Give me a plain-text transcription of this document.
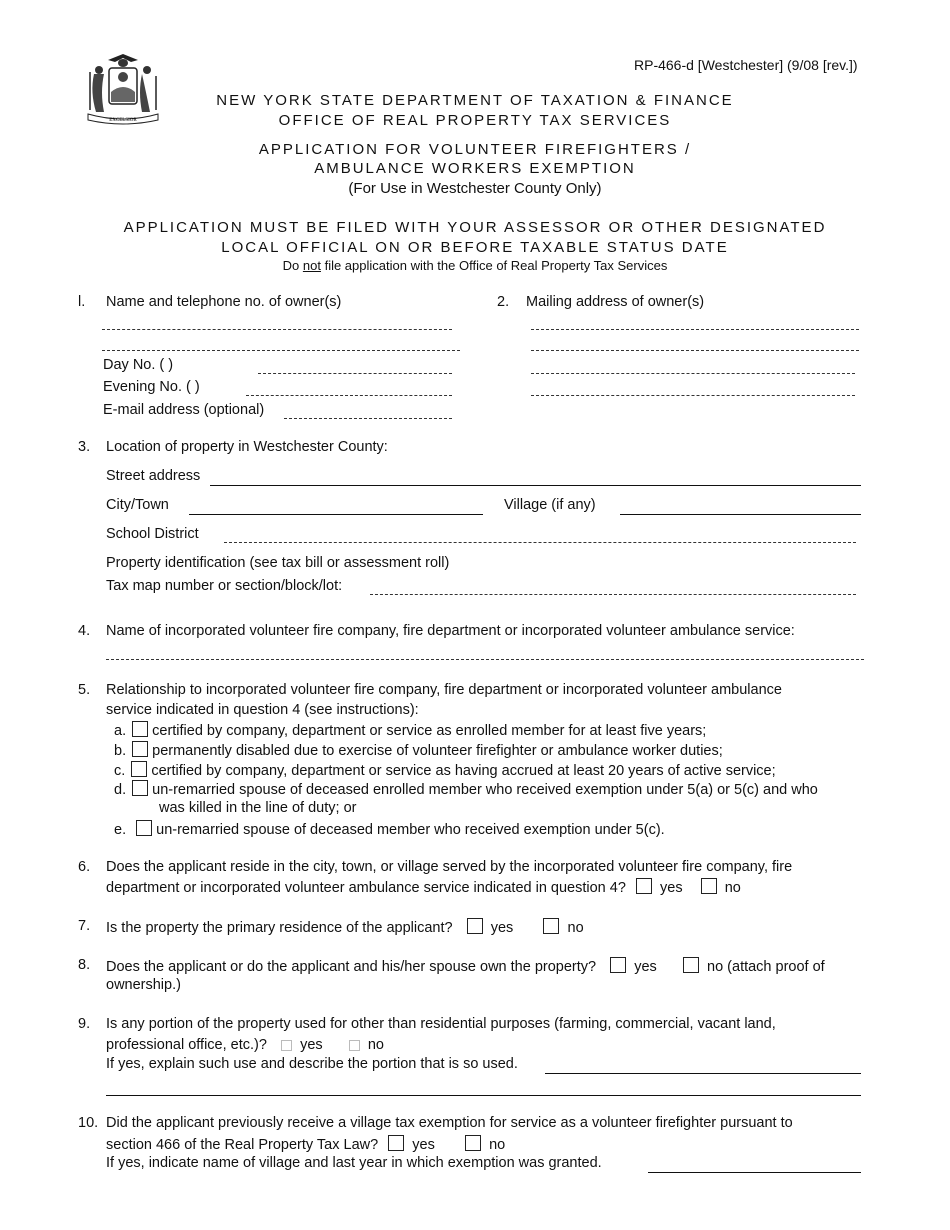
EXCELSIOR
RP-466-d [Westchester] (9/08 [rev.])
NEW YORK STATE DEPARTMENT OF TAXATION & FINANCE
OFFICE OF REAL PROPERTY TAX SERVICES
APPLICATION FOR VOLUNTEER FIREFIGHTERS /
AMBULANCE WORKERS EXEMPTION
(For Use in Westchester County Only)
APPLICATION MUST BE FILED WITH YOUR ASSESSOR OR OTHER DESIGNATED
LOCAL OFFICIAL ON OR BEFORE TAXABLE STATUS DATE
Do not file application with the Office of Real Property Tax Services
l. Name and telephone no. of owner(s)
Day No. ( )
Evening No. ( )
E-mail address (optional)
2. Mailing address of owner(s)
3. Location of property in Westchester County:
Street address
City/Town	Village (if any)
School District
Property identification (see tax bill or assessment roll)
Tax map number or section/block/lot:
4. Name of incorporated volunteer fire company, fire department or incorporated volunteer ambulance service:
5. Relationship to incorporated volunteer fire company, fire department or incorporated volunteer ambulance
service indicated in question 4 (see instructions):
a. certified by company, department or service as enrolled member for at least five years;
b. permanently disabled due to exercise of volunteer firefighter or ambulance worker duties;
c. certified by company, department or service as having accrued at least 20 years of active service;
d. un-remarried spouse of deceased enrolled member who received exemption under 5(a) or 5(c) and who
was killed in the line of duty; or
e. un-remarried spouse of deceased member who received exemption under 5(c).
6. Does the applicant reside in the city, town, or village served by the incorporated volunteer fire company, fire
department or incorporated volunteer ambulance service indicated in question 4? yes	no
7. Is the property the primary residence of the applicant?	yes	no
8. Does the applicant or do the applicant and his/her spouse own the property?	yes	no (attach proof of
ownership.)
9. Is any portion of the property used for other than residential purposes (farming, commercial, vacant land,
professional office, etc.)? yes	no
If yes, explain such use and describe the portion that is so used.
10. Did the applicant previously receive a village tax exemption for service as a volunteer firefighter pursuant to
section 466 of the Real Property Tax Law? yes	no
If yes, indicate name of village and last year in which exemption was granted.
